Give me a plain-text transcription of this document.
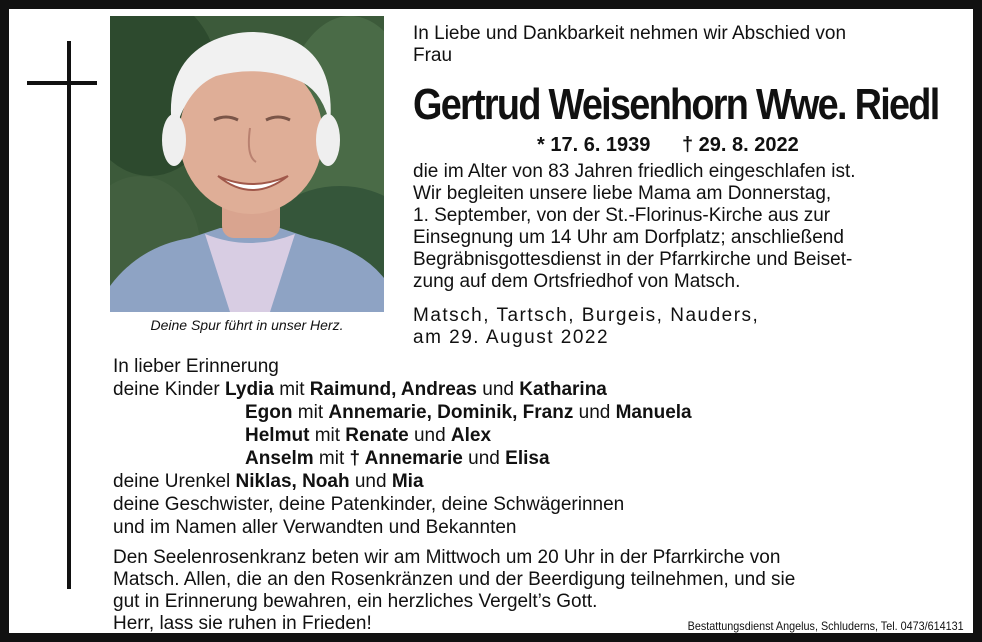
Deine Spur führt in unser Herz.
In Liebe und Dankbarkeit nehmen wir Abschied von
Frau
Gertrud Weisenhorn Wwe. Riedl
* 17. 6. 1939 † 29. 8. 2022
die im Alter von 83 Jahren friedlich eingeschlafen ist.
Wir begleiten unsere liebe Mama am Donnerstag,
1. September, von der St.-Florinus-Kirche aus zur
Einsegnung um 14 Uhr am Dorfplatz; anschließend
Begräbnisgottesdienst in der Pfarrkirche und Beiset-
zung auf dem Ortsfriedhof von Matsch.
Matsch, Tartsch, Burgeis, Nauders,
am 29. August 2022
In lieber Erinnerung
deine Kinder
Lydia
mit
Raimund, Andreas
und
Katharina
Egon
mit
Annemarie, Dominik, Franz
und
Manuela
Helmut
mit
Renate
und
Alex
Anselm
mit
† Annemarie
und
Elisa
deine Urenkel
Niklas, Noah
und
Mia
deine Geschwister, deine Patenkinder, deine Schwägerinnen
und im Namen aller Verwandten und Bekannten
Den Seelenrosenkranz beten wir am Mittwoch um 20 Uhr in der Pfarrkirche von
Matsch. Allen, die an den Rosenkränzen und der Beerdigung teilnehmen, und sie
gut in Erinnerung bewahren, ein herzliches Vergelt’s Gott.
Herr, lass sie ruhen in Frieden!	Bestattungsdienst Angelus, Schluderns, Tel. 0473/614131
